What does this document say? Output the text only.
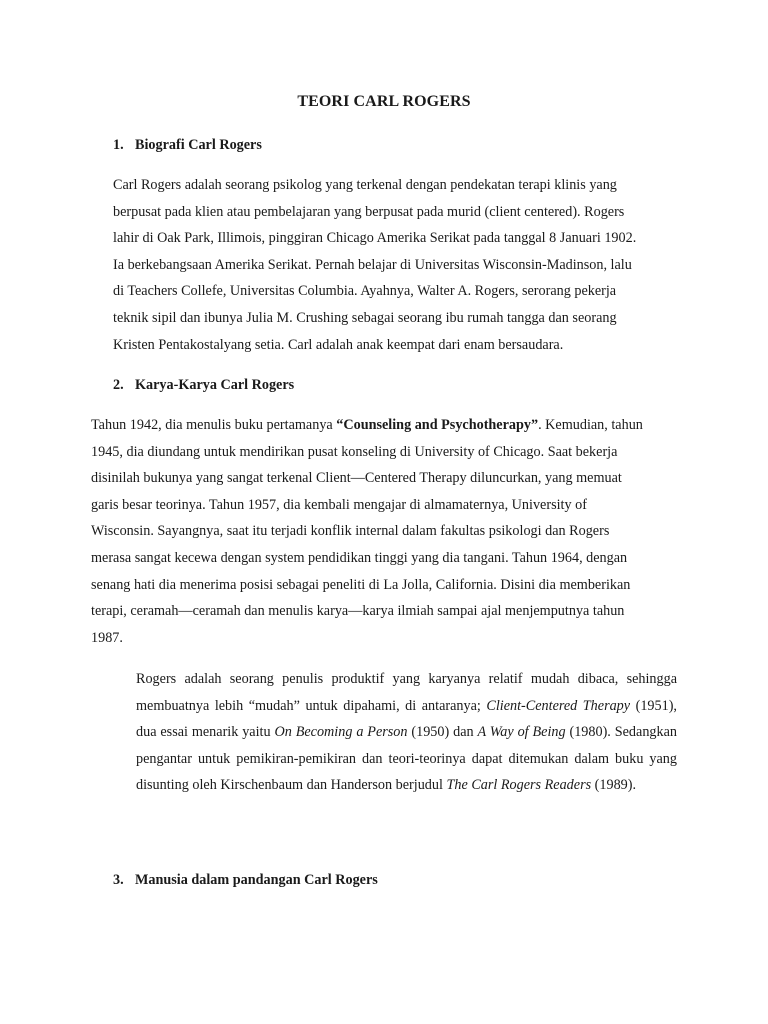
TEORI CARL ROGERS
1. Biografi Carl Rogers
Carl Rogers adalah seorang psikolog yang terkenal dengan pendekatan terapi klinis yang
berpusat pada klien atau pembelajaran yang berpusat pada murid (client centered). Rogers
lahir di Oak Park, Illimois, pinggiran Chicago Amerika Serikat pada tanggal 8 Januari 1902.
Ia berkebangsaan Amerika Serikat. Pernah belajar di Universitas Wisconsin-Madinson, lalu
di Teachers Collefe, Universitas Columbia. Ayahnya, Walter A. Rogers, serorang pekerja
teknik sipil dan ibunya Julia M. Crushing sebagai seorang ibu rumah tangga dan seorang
Kristen Pentakostalyang setia. Carl adalah anak keempat dari enam bersaudara.
2. Karya-Karya Carl Rogers
Tahun 1942, dia menulis buku pertamanya “Counseling and Psychotherapy”. Kemudian, tahun
1945, dia diundang untuk mendirikan pusat konseling di University of Chicago. Saat bekerja
disinilah bukunya yang sangat terkenal Client—Centered Therapy diluncurkan, yang memuat
garis besar teorinya. Tahun 1957, dia kembali mengajar di almamaternya, University of
Wisconsin. Sayangnya, saat itu terjadi konflik internal dalam fakultas psikologi dan Rogers
merasa sangat kecewa dengan system pendidikan tinggi yang dia tangani. Tahun 1964, dengan
senang hati dia menerima posisi sebagai peneliti di La Jolla, California. Disini dia memberikan
terapi, ceramah—ceramah dan menulis karya—karya ilmiah sampai ajal menjemputnya tahun
1987.

Rogers adalah seorang penulis produktif yang karyanya relatif mudah dibaca, sehingga membuatnya lebih “mudah” untuk dipahami, di antaranya; Client-Centered Therapy (1951), dua essai menarik yaitu On Becoming a Person (1950) dan A Way of Being (1980). Sedangkan pengantar untuk pemikiran-pemikiran dan teori-teorinya dapat ditemukan dalam buku yang disunting oleh Kirschenbaum dan Handerson berjudul The Carl Rogers Readers (1989).

3. Manusia dalam pandangan Carl Rogers
